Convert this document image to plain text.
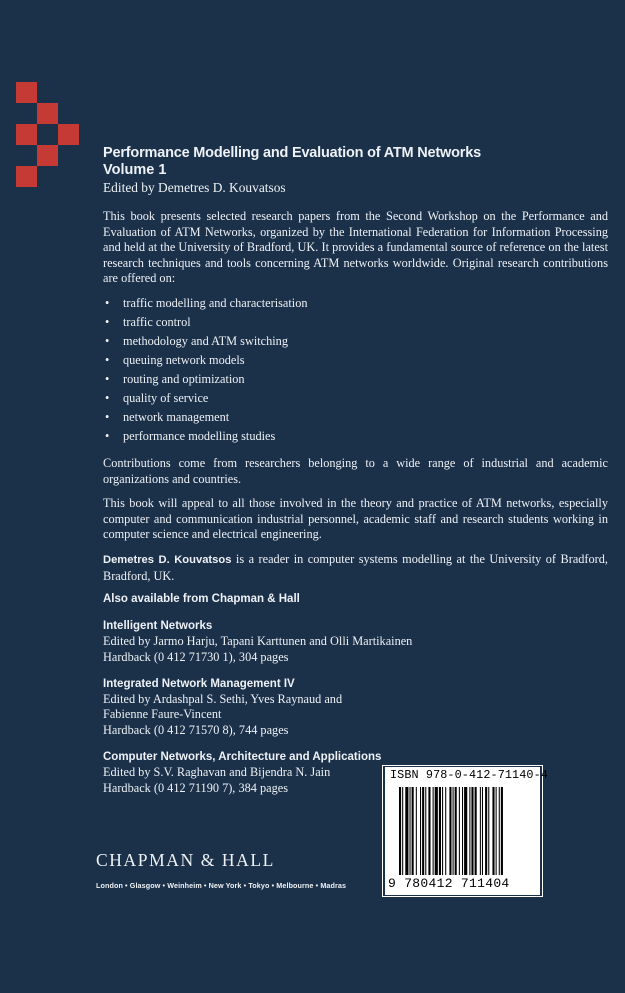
Performance Modelling and Evaluation of ATM Networks
Volume 1
Edited by Demetres D. Kouvatsos

This book presents selected research papers from the Second Workshop on the Performance and Evaluation of ATM Networks, organized by the International Federation for Information Processing and held at the University of Bradford, UK. It provides a fundamental source of reference on the latest research techniques and tools concerning ATM networks worldwide. Original research contributions are offered on:

• traffic modelling and characterisation
• traffic control
• methodology and ATM switching
• queuing network models
• routing and optimization
• quality of service
• network management
• performance modelling studies

Contributions come from researchers belonging to a wide range of industrial and academic organizations and countries.

This book will appeal to all those involved in the theory and practice of ATM networks, especially computer and communication industrial personnel, academic staff and research students working in computer science and electrical engineering.

Demetres D. Kouvatsos is a reader in computer systems modelling at the University of Bradford, Bradford, UK.

Also available from Chapman & Hall
Intelligent Networks
Edited by Jarmo Harju, Tapani Karttunen and Olli Martikainen
Hardback (0 412 71730 1), 304 pages
Integrated Network Management IV
Edited by Ardashpal S. Sethi, Yves Raynaud and
Fabienne Faure-Vincent
Hardback (0 412 71570 8), 744 pages
Computer Networks, Architecture and Applications
Edited by S.V. Raghavan and Bijendra N. Jain
Hardback (0 412 71190 7), 384 pages
CHAPMAN & HALL
London • Glasgow • Weinheim • New York • Tokyo • Melbourne • Madras
ISBN 978-0-412-71140-4
9 780412 711404
